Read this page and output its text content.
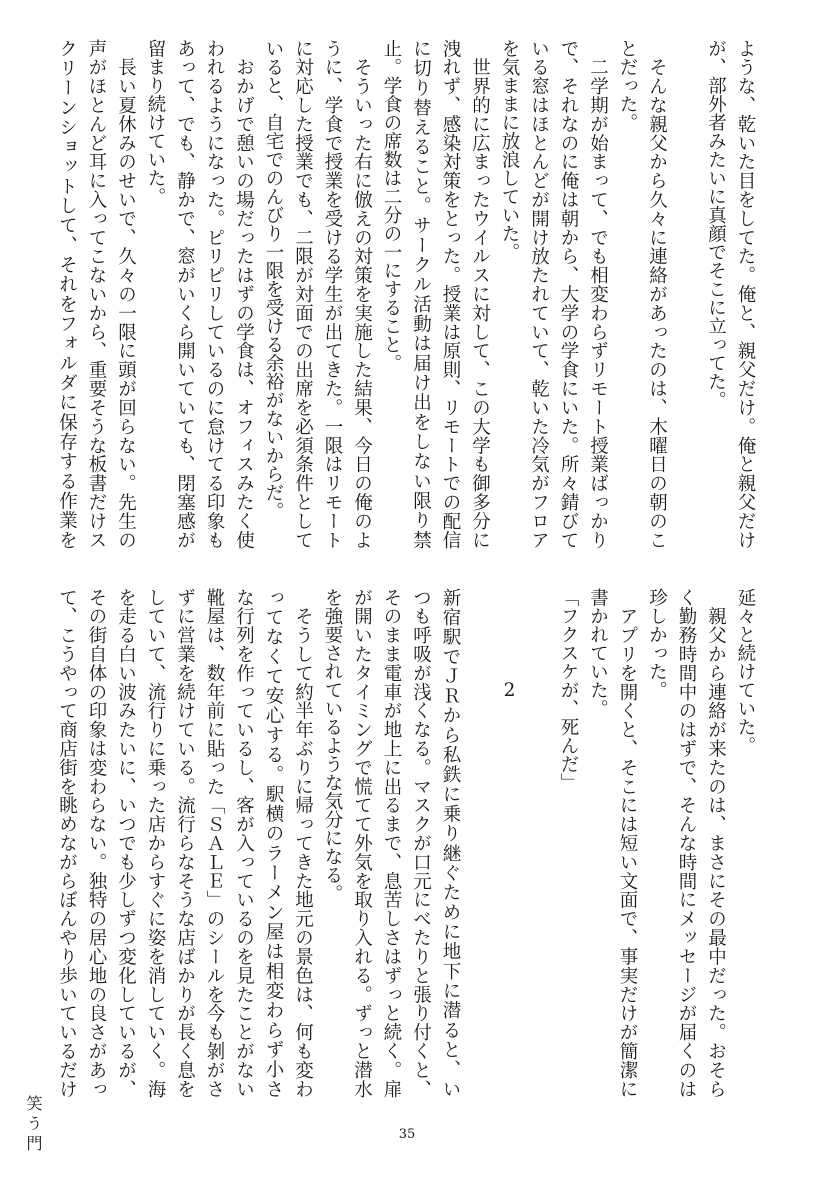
ような、乾いた目をしてた。俺と、親父だけ。俺と親父だけ
が、部外者みたいに真顔でそこに立ってた。
　そんな親父から久々に連絡があったのは、木曜日の朝のこ
とだった。
　二学期が始まって、でも相変わらずリモート授業ばっかり
で、それなのに俺は朝から、大学の学食にいた。所々錆びて
いる窓はほとんどが開け放たれていて、乾いた冷気がフロア
を気ままに放浪していた。
　世界的に広まったウイルスに対して、この大学も御多分に
洩れず、感染対策をとった。授業は原則、リモートでの配信
に切り替えること。サークル活動は届け出をしない限り禁
止。学食の席数は二分の一にすること。
　そういった右に倣えの対策を実施した結果、今日の俺のよ
うに、学食で授業を受ける学生が出てきた。一限はリモート
に対応した授業でも、二限が対面での出席を必須条件として
いると、自宅でのんびり一限を受ける余裕がないからだ。
　おかげで憩いの場だったはずの学食は、オフィスみたく使
われるようになった。ピリピリしているのに怠けてる印象も
あって、でも、静かで、窓がいくら開いていても、閉塞感が
留まり続けていた。
　長い夏休みのせいで、久々の一限に頭が回らない。先生の
声がほとんど耳に入ってこないから、重要そうな板書だけス
クリーンショットして、それをフォルダに保存する作業を
延々と続けていた。
　親父から連絡が来たのは、まさにその最中だった。おそら
く勤務時間中のはずで、そんな時間にメッセージが届くのは
珍しかった。
　アプリを開くと、そこには短い文面で、事実だけが簡潔に
書かれていた。
「フクスケが、死んだ」
2
新宿駅でＪＲから私鉄に乗り継ぐために地下に潜ると、い
つも呼吸が浅くなる。マスクが口元にべたりと張り付くと、
そのまま電車が地上に出るまで、息苦しさはずっと続く。扉
が開いたタイミングで慌てて外気を取り入れる。ずっと潜水
を強要されているような気分になる。
　そうして約半年ぶりに帰ってきた地元の景色は、何も変わ
ってなくて安心する。駅横のラーメン屋は相変わらず小さ
な行列を作っているし、客が入っているのを見たことがない
靴屋は、数年前に貼った「ＳＡＬＥ」のシールを今も剝がさ
ずに営業を続けている。流行らなそうな店ばかりが長く息を
していて、流行りに乗った店からすぐに姿を消していく。海
を走る白い波みたいに、いつでも少しずつ変化しているが、
その街自体の印象は変わらない。独特の居心地の良さがあっ
て、こうやって商店街を眺めながらぼんやり歩いているだけ
笑う門	35
